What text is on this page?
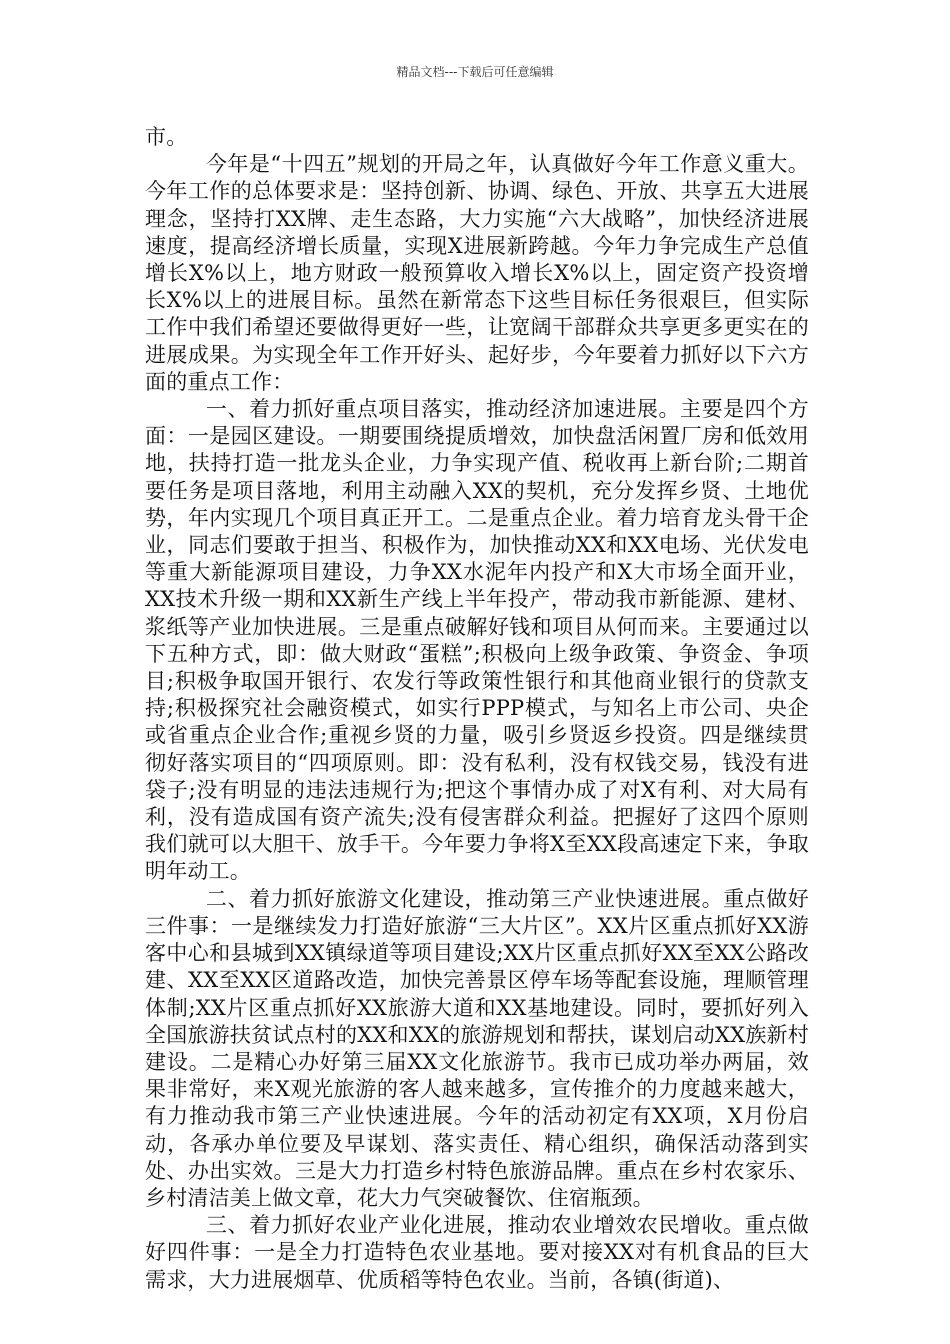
精品文档---下载后可任意编辑

市。

今年是“十四五”规划的开局之年，认真做好今年工作意义重大。今年工作的总体要求是：坚持创新、协调、绿色、开放、共享五大进展理念，坚持打XX牌、走生态路，大力实施“六大战略”，加快经济进展速度，提高经济增长质量，实现X进展新跨越。今年力争完成生产总值增长X%以上，地方财政一般预算收入增长X%以上，固定资产投资增长X%以上的进展目标。虽然在新常态下这些目标任务很艰巨，但实际工作中我们希望还要做得更好一些，让宽阔干部群众共享更多更实在的进展成果。为实现全年工作开好头、起好步，今年要着力抓好以下六方面的重点工作：

一、着力抓好重点项目落实，推动经济加速进展。主要是四个方面：一是园区建设。一期要围绕提质增效，加快盘活闲置厂房和低效用地，扶持打造一批龙头企业，力争实现产值、税收再上新台阶;二期首要任务是项目落地，利用主动融入XX的契机，充分发挥乡贤、土地优势，年内实现几个项目真正开工。二是重点企业。着力培育龙头骨干企业，同志们要敢于担当、积极作为，加快推动XX和XX电场、光伏发电等重大新能源项目建设，力争XX水泥年内投产和X大市场全面开业，XX技术升级一期和XX新生产线上半年投产，带动我市新能源、建材、浆纸等产业加快进展。三是重点破解好钱和项目从何而来。主要通过以下五种方式，即：做大财政“蛋糕”;积极向上级争政策、争资金、争项目;积极争取国开银行、农发行等政策性银行和其他商业银行的贷款支持;积极探究社会融资模式，如实行PPP模式，与知名上市公司、央企或省重点企业合作;重视乡贤的力量，吸引乡贤返乡投资。四是继续贯彻好落实项目的“四项原则。即：没有私利，没有权钱交易，钱没有进袋子;没有明显的违法违规行为;把这个事情办成了对X有利、对大局有利，没有造成国有资产流失;没有侵害群众利益。把握好了这四个原则我们就可以大胆干、放手干。今年要力争将X至XX段高速定下来，争取明年动工。

二、着力抓好旅游文化建设，推动第三产业快速进展。重点做好三件事：一是继续发力打造好旅游“三大片区”。XX片区重点抓好XX游客中心和县城到XX镇绿道等项目建设;XX片区重点抓好XX至XX公路改建、XX至XX区道路改造，加快完善景区停车场等配套设施，理顺管理体制;XX片区重点抓好XX旅游大道和XX基地建设。同时，要抓好列入全国旅游扶贫试点村的XX和XX的旅游规划和帮扶，谋划启动XX族新村建设。二是精心办好第三届XX文化旅游节。我市已成功举办两届，效果非常好，来X观光旅游的客人越来越多，宣传推介的力度越来越大，有力推动我市第三产业快速进展。今年的活动初定有XX项，X月份启动，各承办单位要及早谋划、落实责任、精心组织，确保活动落到实处、办出实效。三是大力打造乡村特色旅游品牌。重点在乡村农家乐、乡村清洁美上做文章，花大力气突破餐饮、住宿瓶颈。

三、着力抓好农业产业化进展，推动农业增效农民增收。重点做好四件事：一是全力打造特色农业基地。要对接XX对有机食品的巨大需求，大力进展烟草、优质稻等特色农业。当前，各镇(街道)、
